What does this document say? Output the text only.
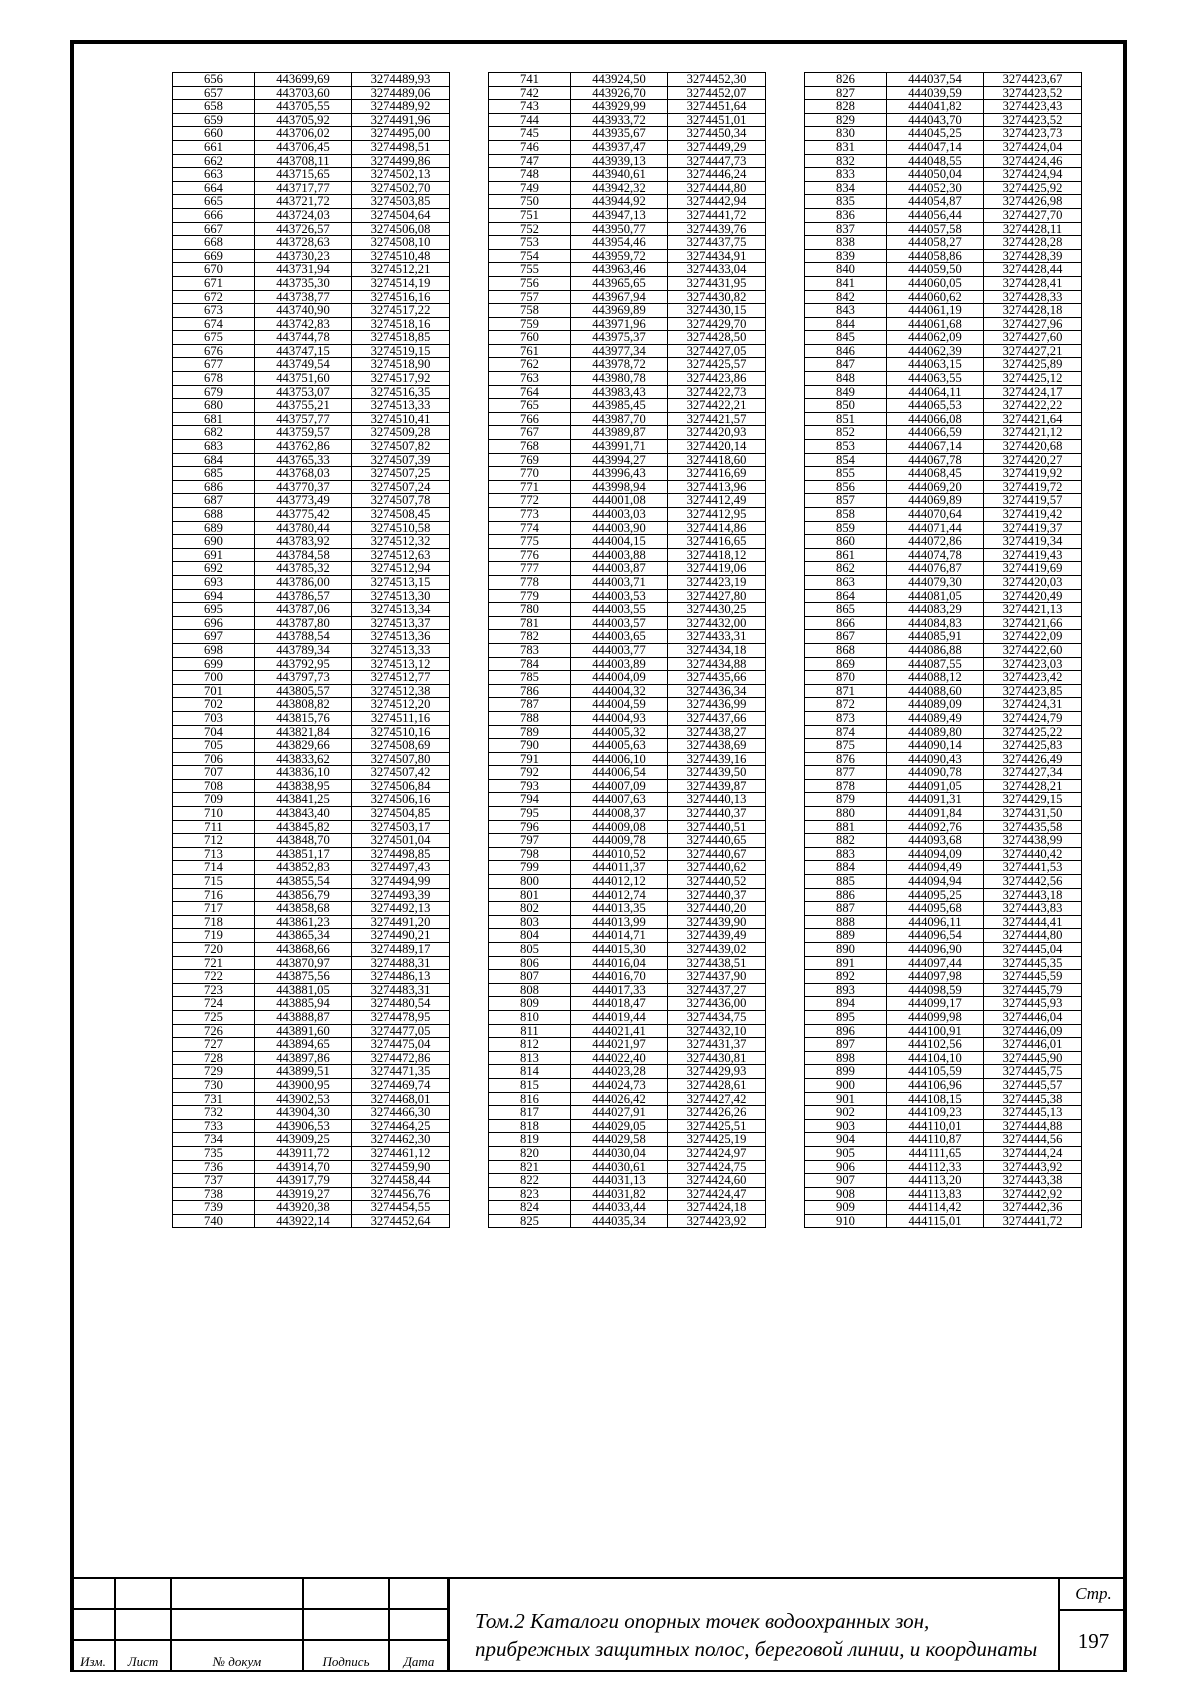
656	443699,69	3274489,93
657	443703,60	3274489,06
658	443705,55	3274489,92
659	443705,92	3274491,96
660	443706,02	3274495,00
661	443706,45	3274498,51
662	443708,11	3274499,86
663	443715,65	3274502,13
664	443717,77	3274502,70
665	443721,72	3274503,85
666	443724,03	3274504,64
667	443726,57	3274506,08
668	443728,63	3274508,10
669	443730,23	3274510,48
670	443731,94	3274512,21
671	443735,30	3274514,19
672	443738,77	3274516,16
673	443740,90	3274517,22
674	443742,83	3274518,16
675	443744,78	3274518,85
676	443747,15	3274519,15
677	443749,54	3274518,90
678	443751,60	3274517,92
679	443753,07	3274516,35
680	443755,21	3274513,33
681	443757,77	3274510,41
682	443759,57	3274509,28
683	443762,86	3274507,82
684	443765,33	3274507,39
685	443768,03	3274507,25
686	443770,37	3274507,24
687	443773,49	3274507,78
688	443775,42	3274508,45
689	443780,44	3274510,58
690	443783,92	3274512,32
691	443784,58	3274512,63
692	443785,32	3274512,94
693	443786,00	3274513,15
694	443786,57	3274513,30
695	443787,06	3274513,34
696	443787,80	3274513,37
697	443788,54	3274513,36
698	443789,34	3274513,33
699	443792,95	3274513,12
700	443797,73	3274512,77
701	443805,57	3274512,38
702	443808,82	3274512,20
703	443815,76	3274511,16
704	443821,84	3274510,16
705	443829,66	3274508,69
706	443833,62	3274507,80
707	443836,10	3274507,42
708	443838,95	3274506,84
709	443841,25	3274506,16
710	443843,40	3274504,85
711	443845,82	3274503,17
712	443848,70	3274501,04
713	443851,17	3274498,85
714	443852,83	3274497,43
715	443855,54	3274494,99
716	443856,79	3274493,39
717	443858,68	3274492,13
718	443861,23	3274491,20
719	443865,34	3274490,21
720	443868,66	3274489,17
721	443870,97	3274488,31
722	443875,56	3274486,13
723	443881,05	3274483,31
724	443885,94	3274480,54
725	443888,87	3274478,95
726	443891,60	3274477,05
727	443894,65	3274475,04
728	443897,86	3274472,86
729	443899,51	3274471,35
730	443900,95	3274469,74
731	443902,53	3274468,01
732	443904,30	3274466,30
733	443906,53	3274464,25
734	443909,25	3274462,30
735	443911,72	3274461,12
736	443914,70	3274459,90
737	443917,79	3274458,44
738	443919,27	3274456,76
739	443920,38	3274454,55
740	443922,14	3274452,64
741	443924,50	3274452,30
742	443926,70	3274452,07
743	443929,99	3274451,64
744	443933,72	3274451,01
745	443935,67	3274450,34
746	443937,47	3274449,29
747	443939,13	3274447,73
748	443940,61	3274446,24
749	443942,32	3274444,80
750	443944,92	3274442,94
751	443947,13	3274441,72
752	443950,77	3274439,76
753	443954,46	3274437,75
754	443959,72	3274434,91
755	443963,46	3274433,04
756	443965,65	3274431,95
757	443967,94	3274430,82
758	443969,89	3274430,15
759	443971,96	3274429,70
760	443975,37	3274428,50
761	443977,34	3274427,05
762	443978,72	3274425,57
763	443980,78	3274423,86
764	443983,43	3274422,73
765	443985,45	3274422,21
766	443987,70	3274421,57
767	443989,87	3274420,93
768	443991,71	3274420,14
769	443994,27	3274418,60
770	443996,43	3274416,69
771	443998,94	3274413,96
772	444001,08	3274412,49
773	444003,03	3274412,95
774	444003,90	3274414,86
775	444004,15	3274416,65
776	444003,88	3274418,12
777	444003,87	3274419,06
778	444003,71	3274423,19
779	444003,53	3274427,80
780	444003,55	3274430,25
781	444003,57	3274432,00
782	444003,65	3274433,31
783	444003,77	3274434,18
784	444003,89	3274434,88
785	444004,09	3274435,66
786	444004,32	3274436,34
787	444004,59	3274436,99
788	444004,93	3274437,66
789	444005,32	3274438,27
790	444005,63	3274438,69
791	444006,10	3274439,16
792	444006,54	3274439,50
793	444007,09	3274439,87
794	444007,63	3274440,13
795	444008,37	3274440,37
796	444009,08	3274440,51
797	444009,78	3274440,65
798	444010,52	3274440,67
799	444011,37	3274440,62
800	444012,12	3274440,52
801	444012,74	3274440,37
802	444013,35	3274440,20
803	444013,99	3274439,90
804	444014,71	3274439,49
805	444015,30	3274439,02
806	444016,04	3274438,51
807	444016,70	3274437,90
808	444017,33	3274437,27
809	444018,47	3274436,00
810	444019,44	3274434,75
811	444021,41	3274432,10
812	444021,97	3274431,37
813	444022,40	3274430,81
814	444023,28	3274429,93
815	444024,73	3274428,61
816	444026,42	3274427,42
817	444027,91	3274426,26
818	444029,05	3274425,51
819	444029,58	3274425,19
820	444030,04	3274424,97
821	444030,61	3274424,75
822	444031,13	3274424,60
823	444031,82	3274424,47
824	444033,44	3274424,18
825	444035,34	3274423,92
826	444037,54	3274423,67
827	444039,59	3274423,52
828	444041,82	3274423,43
829	444043,70	3274423,52
830	444045,25	3274423,73
831	444047,14	3274424,04
832	444048,55	3274424,46
833	444050,04	3274424,94
834	444052,30	3274425,92
835	444054,87	3274426,98
836	444056,44	3274427,70
837	444057,58	3274428,11
838	444058,27	3274428,28
839	444058,86	3274428,39
840	444059,50	3274428,44
841	444060,05	3274428,41
842	444060,62	3274428,33
843	444061,19	3274428,18
844	444061,68	3274427,96
845	444062,09	3274427,60
846	444062,39	3274427,21
847	444063,15	3274425,89
848	444063,55	3274425,12
849	444064,11	3274424,17
850	444065,53	3274422,22
851	444066,08	3274421,64
852	444066,59	3274421,12
853	444067,14	3274420,68
854	444067,78	3274420,27
855	444068,45	3274419,92
856	444069,20	3274419,72
857	444069,89	3274419,57
858	444070,64	3274419,42
859	444071,44	3274419,37
860	444072,86	3274419,34
861	444074,78	3274419,43
862	444076,87	3274419,69
863	444079,30	3274420,03
864	444081,05	3274420,49
865	444083,29	3274421,13
866	444084,83	3274421,66
867	444085,91	3274422,09
868	444086,88	3274422,60
869	444087,55	3274423,03
870	444088,12	3274423,42
871	444088,60	3274423,85
872	444089,09	3274424,31
873	444089,49	3274424,79
874	444089,80	3274425,22
875	444090,14	3274425,83
876	444090,43	3274426,49
877	444090,78	3274427,34
878	444091,05	3274428,21
879	444091,31	3274429,15
880	444091,84	3274431,50
881	444092,76	3274435,58
882	444093,68	3274438,99
883	444094,09	3274440,42
884	444094,49	3274441,53
885	444094,94	3274442,56
886	444095,25	3274443,18
887	444095,68	3274443,83
888	444096,11	3274444,41
889	444096,54	3274444,80
890	444096,90	3274445,04
891	444097,44	3274445,35
892	444097,98	3274445,59
893	444098,59	3274445,79
894	444099,17	3274445,93
895	444099,98	3274446,04
896	444100,91	3274446,09
897	444102,56	3274446,01
898	444104,10	3274445,90
899	444105,59	3274445,75
900	444106,96	3274445,57
901	444108,15	3274445,38
902	444109,23	3274445,13
903	444110,01	3274444,88
904	444110,87	3274444,56
905	444111,65	3274444,24
906	444112,33	3274443,92
907	444113,20	3274443,38
908	444113,83	3274442,92
909	444114,42	3274442,36
910	444115,01	3274441,72

Изм.	Лист	№ докум	Подпись	Дата
Том.2 Каталоги опорных точек водоохранных зон, прибрежных защитных полос, береговой линии, и координаты
Стр.
197
